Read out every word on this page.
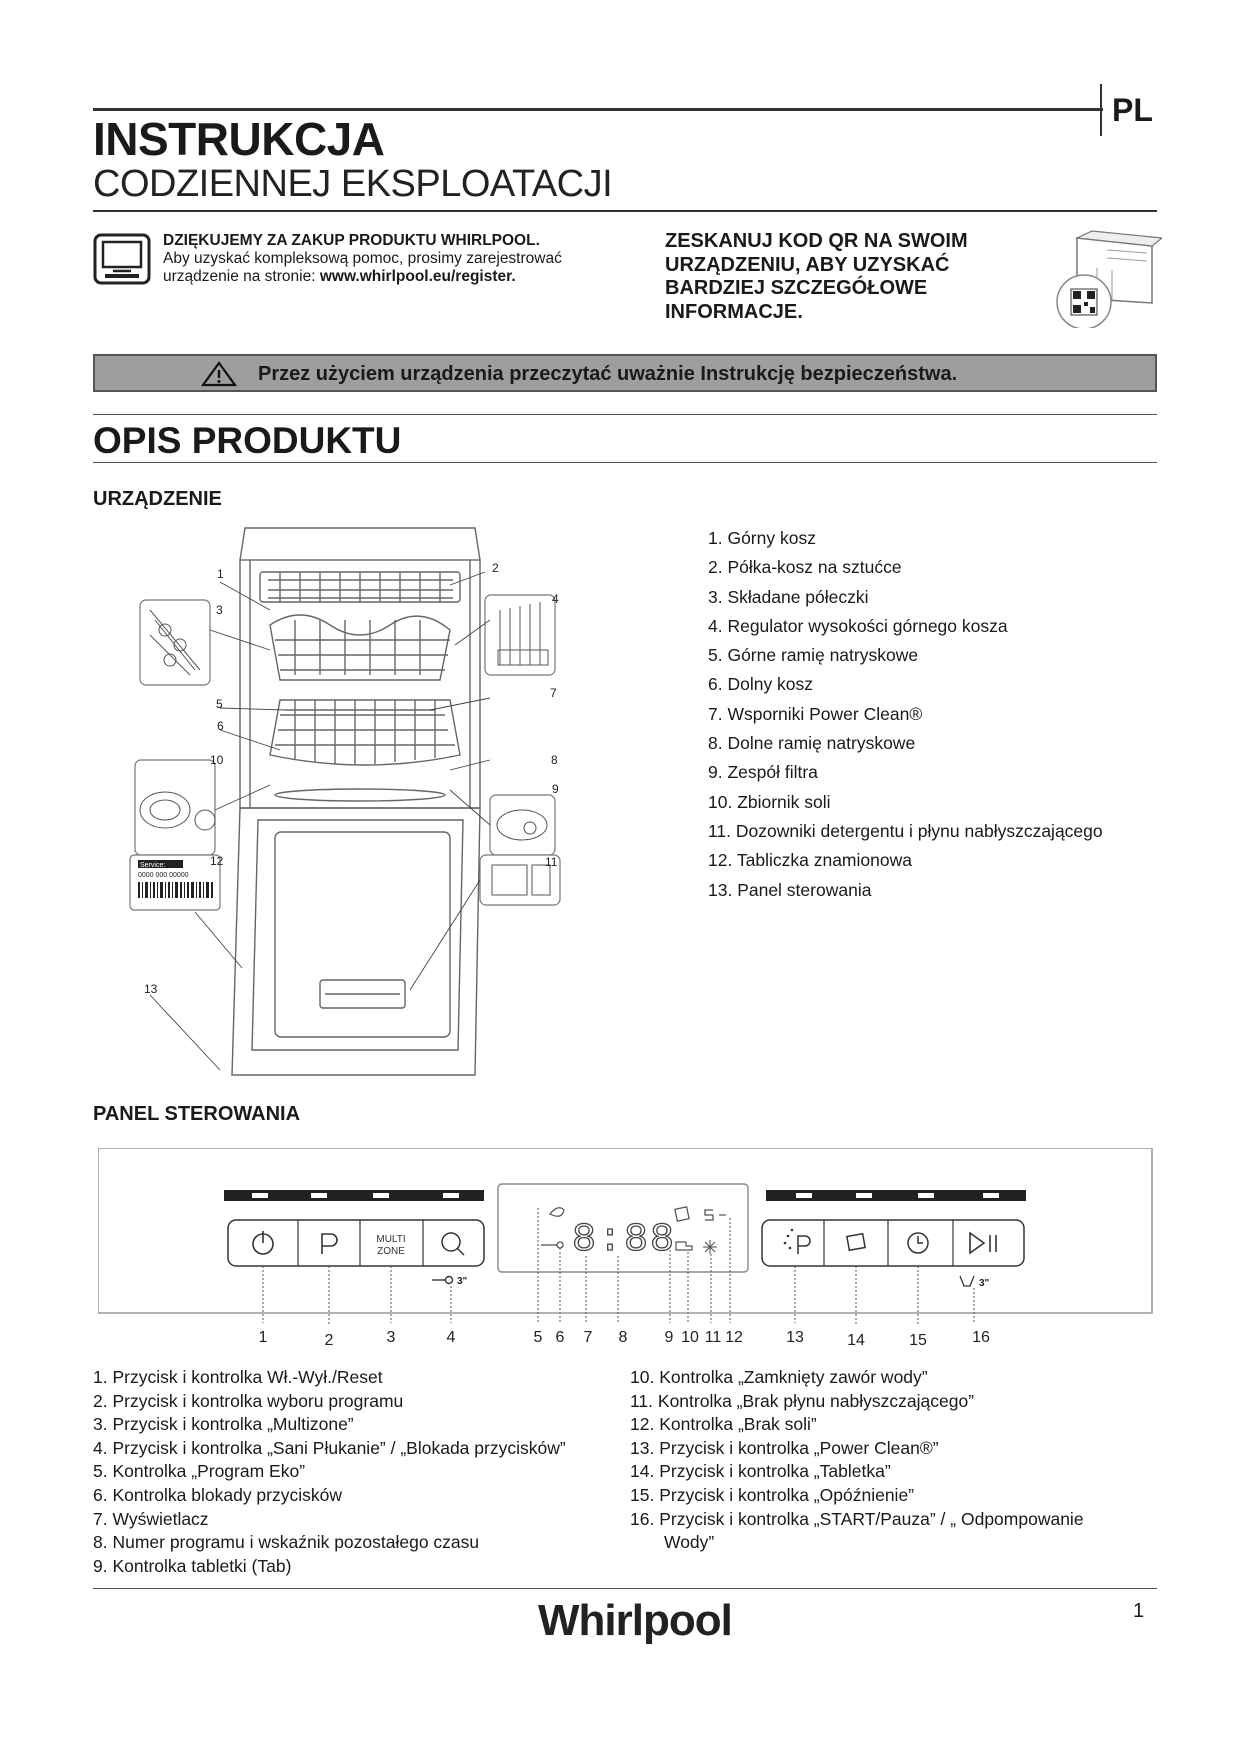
PL
INSTRUKCJA
CODZIENNEJ EKSPLOATACJI
DZIĘKUJEMY ZA ZAKUP PRODUKTU WHIRLPOOL.
Aby uzyskać kompleksową pomoc, prosimy zarejestrować
urządzenie na stronie: www.whirlpool.eu/register.
ZESKANUJ KOD QR NA SWOIM
URZĄDZENIU, ABY UZYSKAĆ
BARDZIEJ SZCZEGÓŁOWE
INFORMACJE.
Przez użyciem urządzenia przeczytać uważnie Instrukcję bezpieczeństwa.
OPIS PRODUKTU
URZĄDZENIE
Service:
0000 000 00000
1	2
3
4
5
7
6
10	8
9
12	11
13
1. Górny kosz
2. Półka-kosz na sztućce
3. Składane półeczki
4. Regulator wysokości górnego kosza
5. Górne ramię natryskowe
6. Dolny kosz
7. Wsporniki Power Clean®
8. Dolne ramię natryskowe
9. Zespół filtra
10. Zbiornik soli
11. Dozowniki detergentu i płynu nabłyszczającego
12. Tabliczka znamionowa
13. Panel sterowania
PANEL STEROWANIA
MULTI
ZONE
3"
8:88
3"
1	2	3	4	5 6 7 8 9 10 11 12	13	14	15	16
1. Przycisk i kontrolka Wł.-Wył./Reset
2. Przycisk i kontrolka wyboru programu
3. Przycisk i kontrolka „Multizone”
4. Przycisk i kontrolka „Sani Płukanie” / „Blokada przycisków”
5. Kontrolka „Program Eko”
6. Kontrolka blokady przycisków
7. Wyświetlacz
8. Numer programu i wskaźnik pozostałego czasu
9. Kontrolka tabletki (Tab)
10. Kontrolka „Zamknięty zawór wody”
11. Kontrolka „Brak płynu nabłyszczającego”
12. Kontrolka „Brak soli”
13. Przycisk i kontrolka „Power Clean®”
14. Przycisk i kontrolka „Tabletka”
15. Przycisk i kontrolka „Opóźnienie”
16. Przycisk i kontrolka „START/Pauza” / „ Odpompowanie
Wody”
Whirlpool	1
